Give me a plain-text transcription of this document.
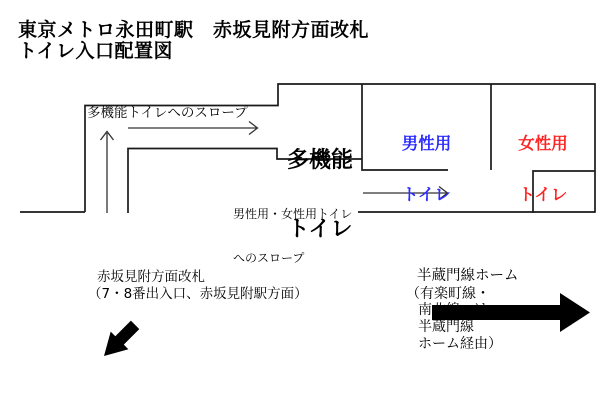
東京メトロ永田町駅　赤坂見附方面改札
トイレ入口配置図
多機能トイレへのスロープ

多機能

トイレ

男性用

トイレ

女性用

トイレ

男性用・女性用トイレ

へのスロープ

赤坂見附方面改札
（7・8番出入口、赤坂見附駅方面）
半蔵門線ホーム
（有楽町線・
南北線へは
半蔵門線
ホーム経由）
